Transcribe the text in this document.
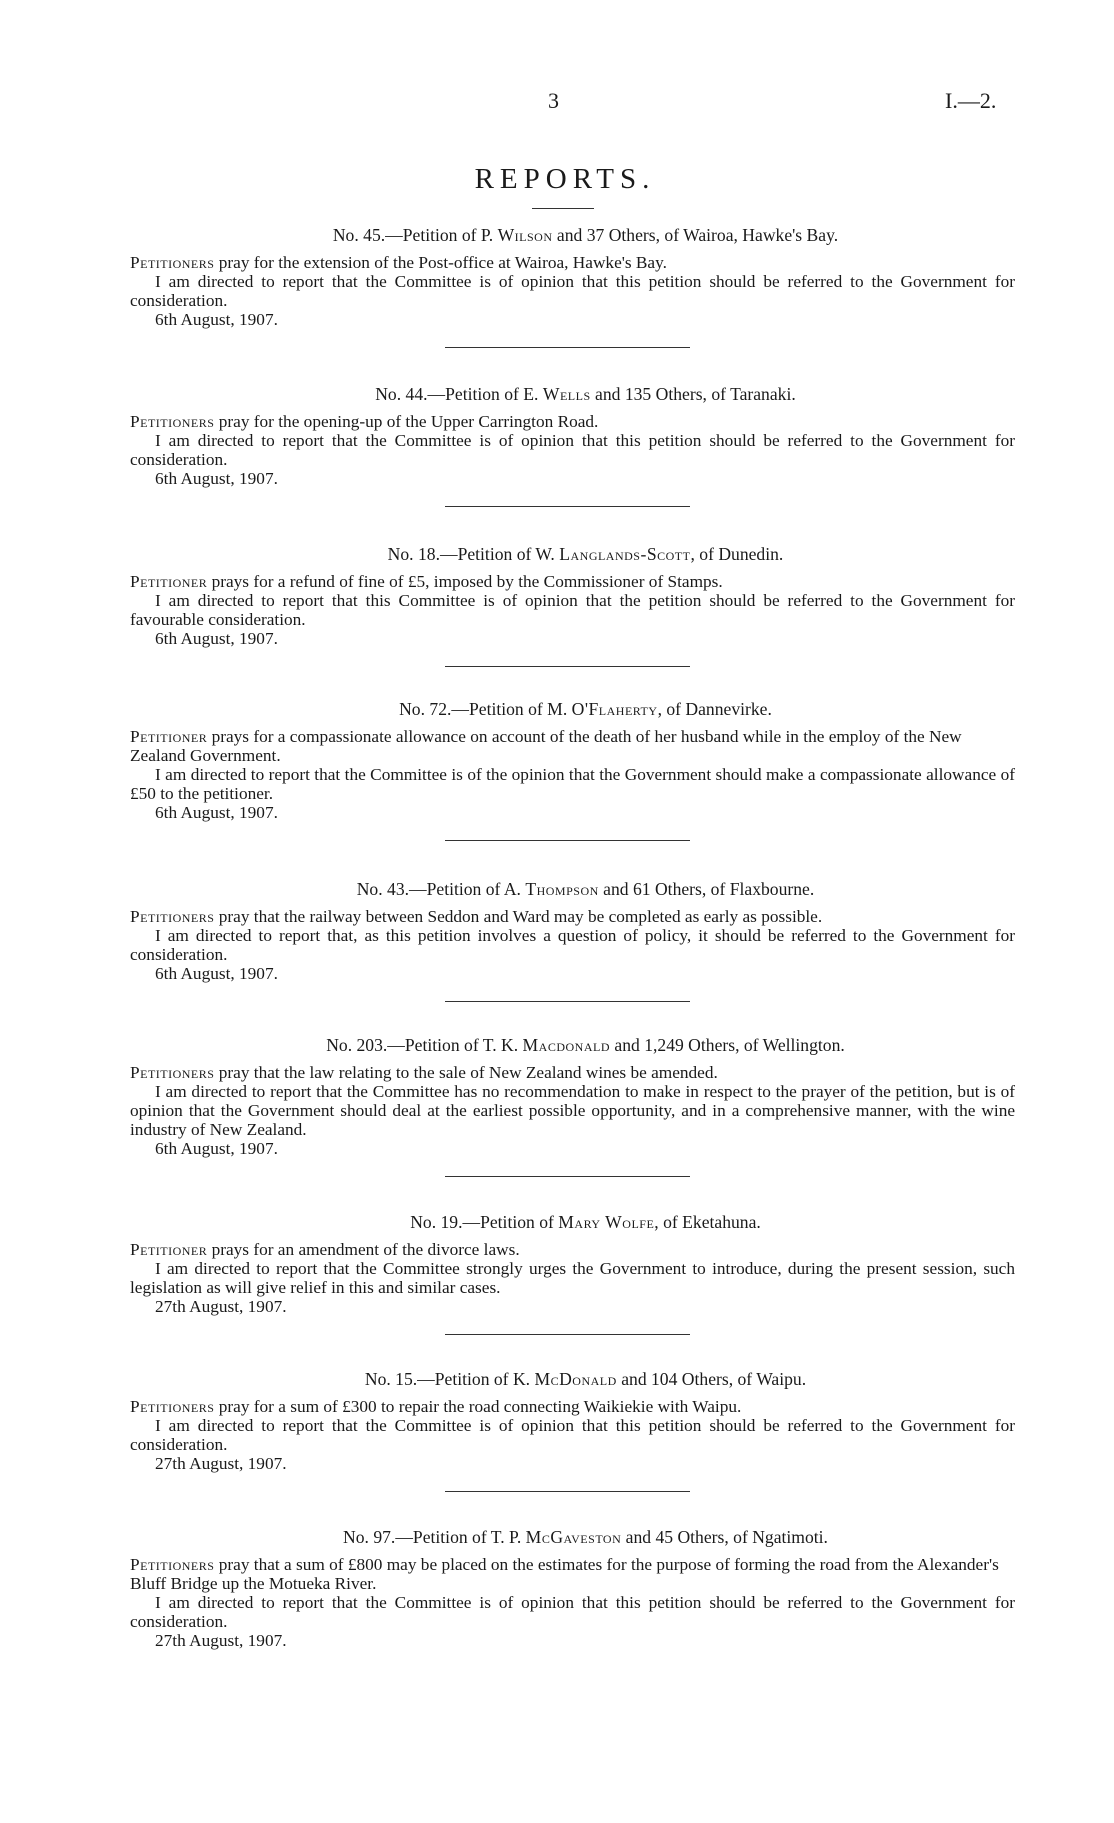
3	I.—2.
REPORTS.
No. 45.—Petition of P. Wilson and 37 Others, of Wairoa, Hawke's Bay.

Petitioners pray for the extension of the Post-office at Wairoa, Hawke's Bay.

I am directed to report that the Committee is of opinion that this petition should be referred to the Government for consideration.

6th August, 1907.
No. 44.—Petition of E. Wells and 135 Others, of Taranaki.

Petitioners pray for the opening-up of the Upper Carrington Road.

I am directed to report that the Committee is of opinion that this petition should be referred to the Government for consideration.

6th August, 1907.
No. 18.—Petition of W. Langlands-Scott, of Dunedin.

Petitioner prays for a refund of fine of £5, imposed by the Commissioner of Stamps.

I am directed to report that this Committee is of opinion that the petition should be referred to the Government for favourable consideration.

6th August, 1907.
No. 72.—Petition of M. O'Flaherty, of Dannevirke.

Petitioner prays for a compassionate allowance on account of the death of her husband while in the employ of the New Zealand Government.

I am directed to report that the Committee is of the opinion that the Government should make a compassionate allowance of £50 to the petitioner.

6th August, 1907.
No. 43.—Petition of A. Thompson and 61 Others, of Flaxbourne.

Petitioners pray that the railway between Seddon and Ward may be completed as early as possible.

I am directed to report that, as this petition involves a question of policy, it should be referred to the Government for consideration.

6th August, 1907.
No. 203.—Petition of T. K. Macdonald and 1,249 Others, of Wellington.

Petitioners pray that the law relating to the sale of New Zealand wines be amended.

I am directed to report that the Committee has no recommendation to make in respect to the prayer of the petition, but is of opinion that the Government should deal at the earliest possible opportunity, and in a comprehensive manner, with the wine industry of New Zealand.

6th August, 1907.
No. 19.—Petition of Mary Wolfe, of Eketahuna.

Petitioner prays for an amendment of the divorce laws.

I am directed to report that the Committee strongly urges the Government to introduce, during the present session, such legislation as will give relief in this and similar cases.

27th August, 1907.
No. 15.—Petition of K. McDonald and 104 Others, of Waipu.

Petitioners pray for a sum of £300 to repair the road connecting Waikiekie with Waipu.

I am directed to report that the Committee is of opinion that this petition should be referred to the Government for consideration.

27th August, 1907.
No. 97.—Petition of T. P. McGaveston and 45 Others, of Ngatimoti.

Petitioners pray that a sum of £800 may be placed on the estimates for the purpose of forming the road from the Alexander's Bluff Bridge up the Motueka River.

I am directed to report that the Committee is of opinion that this petition should be referred to the Government for consideration.

27th August, 1907.
